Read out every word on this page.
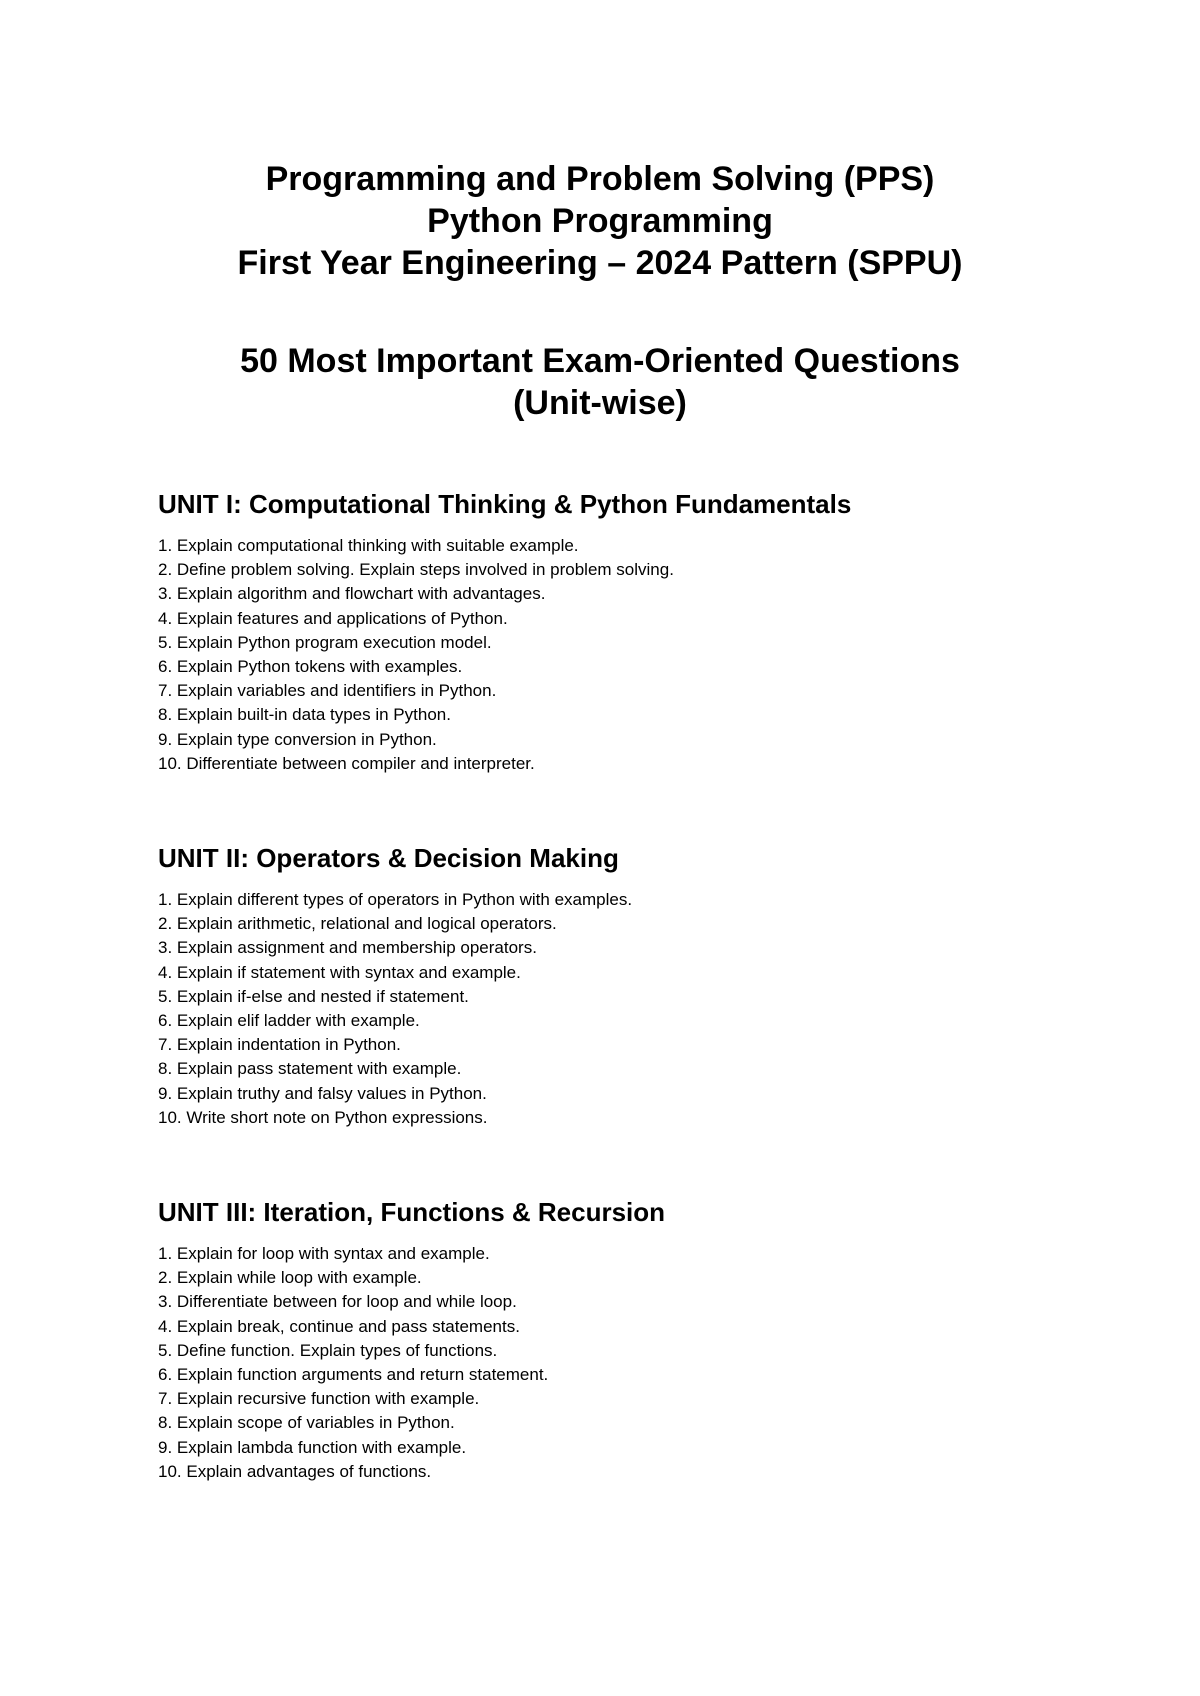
Programming and Problem Solving (PPS)

Python Programming

First Year Engineering – 2024 Pattern (SPPU)

50 Most Important Exam-Oriented Questions

(Unit-wise)

UNIT I: Computational Thinking & Python Fundamentals
1. Explain computational thinking with suitable example.
2. Define problem solving. Explain steps involved in problem solving.
3. Explain algorithm and flowchart with advantages.
4. Explain features and applications of Python.
5. Explain Python program execution model.
6. Explain Python tokens with examples.
7. Explain variables and identifiers in Python.
8. Explain built-in data types in Python.
9. Explain type conversion in Python.
10. Differentiate between compiler and interpreter.
UNIT II: Operators & Decision Making
1. Explain different types of operators in Python with examples.
2. Explain arithmetic, relational and logical operators.
3. Explain assignment and membership operators.
4. Explain if statement with syntax and example.
5. Explain if-else and nested if statement.
6. Explain elif ladder with example.
7. Explain indentation in Python.
8. Explain pass statement with example.
9. Explain truthy and falsy values in Python.
10. Write short note on Python expressions.
UNIT III: Iteration, Functions & Recursion
1. Explain for loop with syntax and example.
2. Explain while loop with example.
3. Differentiate between for loop and while loop.
4. Explain break, continue and pass statements.
5. Define function. Explain types of functions.
6. Explain function arguments and return statement.
7. Explain recursive function with example.
8. Explain scope of variables in Python.
9. Explain lambda function with example.
10. Explain advantages of functions.
